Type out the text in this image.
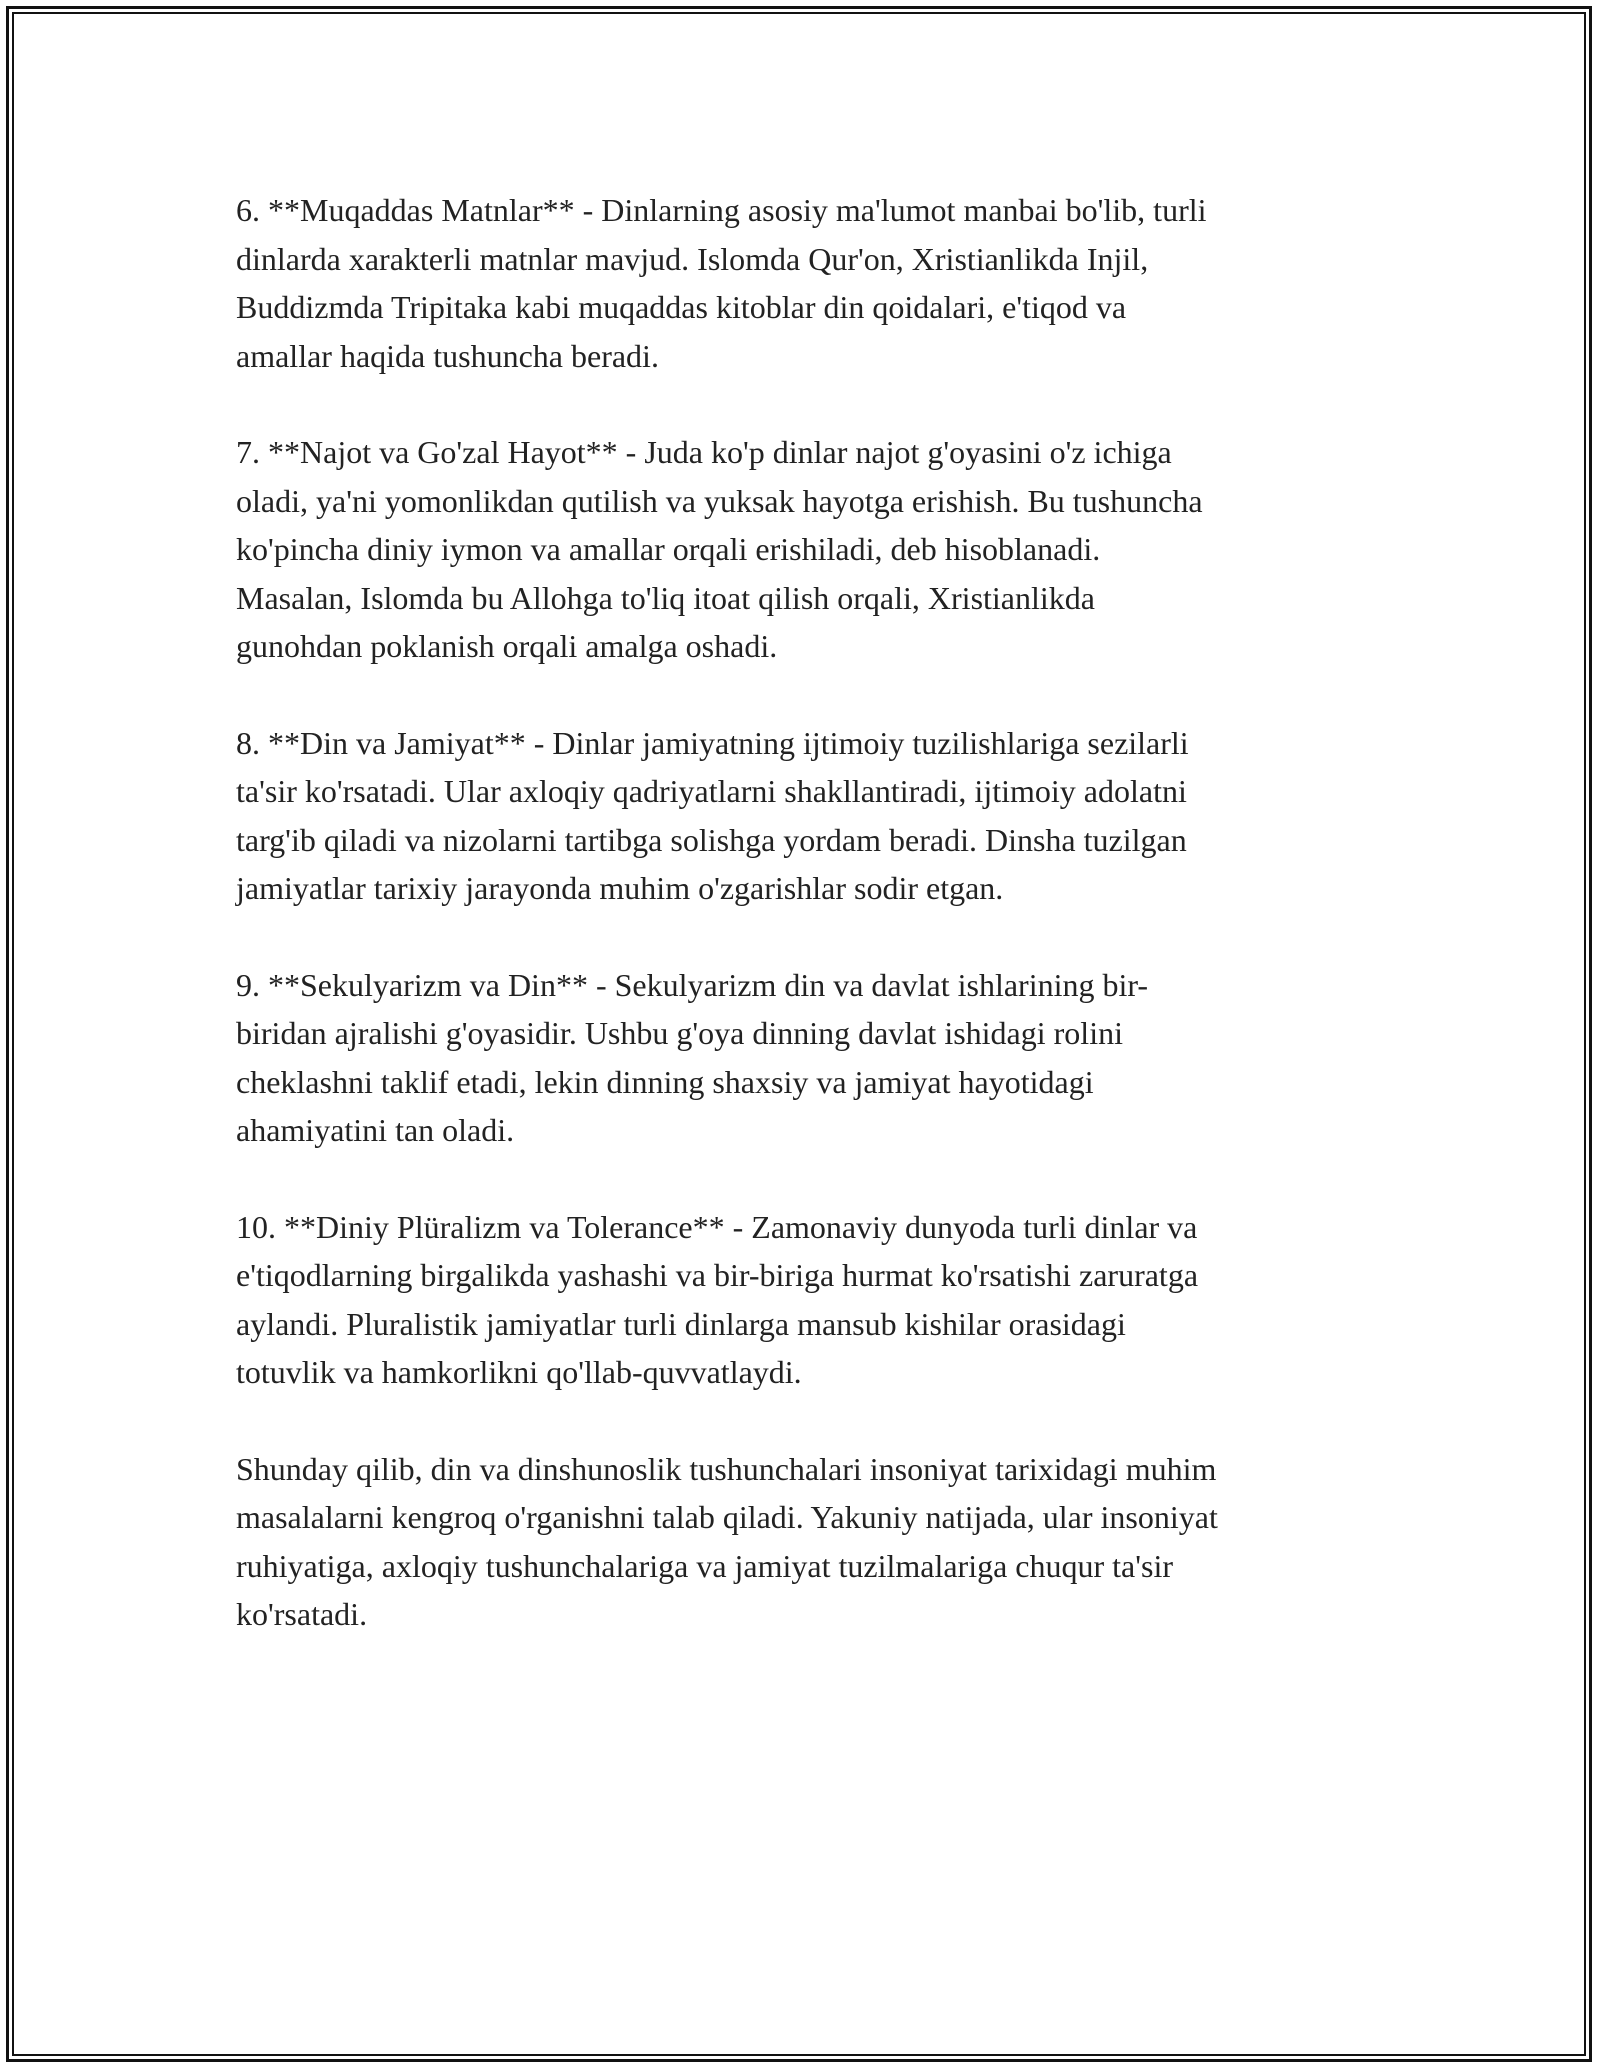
6. **Muqaddas Matnlar** - Dinlarning asosiy ma'lumot manbai bo'lib, turli
dinlarda xarakterli matnlar mavjud. Islomda Qur'on, Xristianlikda Injil,
Buddizmda Tripitaka kabi muqaddas kitoblar din qoidalari, e'tiqod va
amallar haqida tushuncha beradi.

7. **Najot va Go'zal Hayot** - Juda ko'p dinlar najot g'oyasini o'z ichiga
oladi, ya'ni yomonlikdan qutilish va yuksak hayotga erishish. Bu tushuncha
ko'pincha diniy iymon va amallar orqali erishiladi, deb hisoblanadi.
Masalan, Islomda bu Allohga to'liq itoat qilish orqali, Xristianlikda
gunohdan poklanish orqali amalga oshadi.

8. **Din va Jamiyat** - Dinlar jamiyatning ijtimoiy tuzilishlariga sezilarli
ta'sir ko'rsatadi. Ular axloqiy qadriyatlarni shakllantiradi, ijtimoiy adolatni
targ'ib qiladi va nizolarni tartibga solishga yordam beradi. Dinsha tuzilgan
jamiyatlar tarixiy jarayonda muhim o'zgarishlar sodir etgan.

9. **Sekulyarizm va Din** - Sekulyarizm din va davlat ishlarining bir-
biridan ajralishi g'oyasidir. Ushbu g'oya dinning davlat ishidagi rolini
cheklashni taklif etadi, lekin dinning shaxsiy va jamiyat hayotidagi
ahamiyatini tan oladi.

10. **Diniy Plüralizm va Tolerance** - Zamonaviy dunyoda turli dinlar va
e'tiqodlarning birgalikda yashashi va bir-biriga hurmat ko'rsatishi zaruratga
aylandi. Pluralistik jamiyatlar turli dinlarga mansub kishilar orasidagi
totuvlik va hamkorlikni qo'llab-quvvatlaydi.

Shunday qilib, din va dinshunoslik tushunchalari insoniyat tarixidagi muhim
masalalarni kengroq o'rganishni talab qiladi. Yakuniy natijada, ular insoniyat
ruhiyatiga, axloqiy tushunchalariga va jamiyat tuzilmalariga chuqur ta'sir
ko'rsatadi.
